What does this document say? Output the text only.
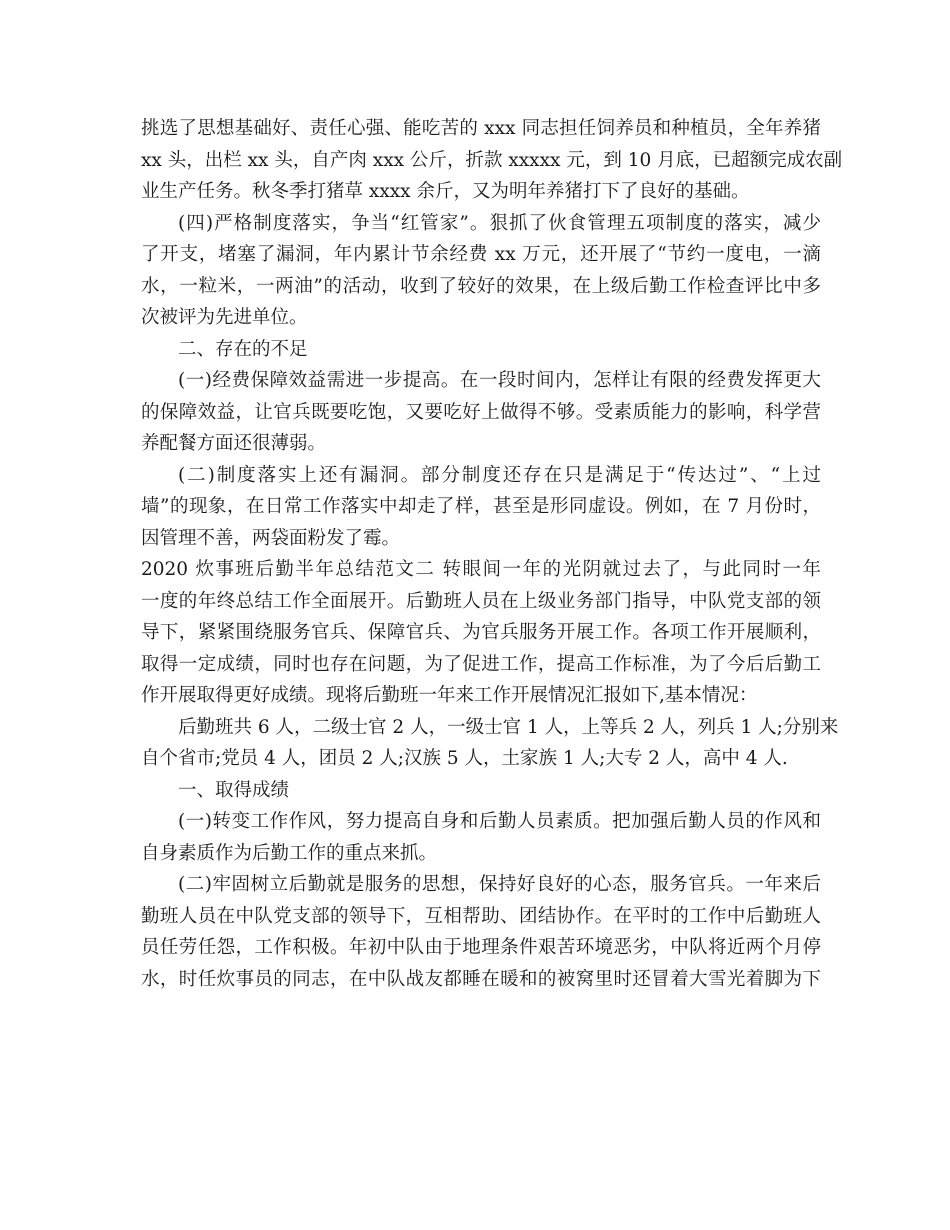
挑选了思想基础好、责任心强、能吃苦的 xxx 同志担任饲养员和种植员，全年养猪
xx 头，出栏 xx 头，自产肉 xxx 公斤，折款 xxxxx 元，到 10 月底，已超额完成农副
业生产任务。秋冬季打猪草 xxxx 余斤，又为明年养猪打下了良好的基础。
(四)严格制度落实，争当“红管家”。狠抓了伙食管理五项制度的落实，减少
了开支，堵塞了漏洞，年内累计节余经费 xx 万元，还开展了“节约一度电，一滴
水，一粒米，一两油”的活动，收到了较好的效果，在上级后勤工作检查评比中多
次被评为先进单位。
二、存在的不足
(一)经费保障效益需进一步提高。在一段时间内，怎样让有限的经费发挥更大
的保障效益，让官兵既要吃饱，又要吃好上做得不够。受素质能力的影响，科学营
养配餐方面还很薄弱。
(二)制度落实上还有漏洞。部分制度还存在只是满足于“传达过”、“上过
墙”的现象，在日常工作落实中却走了样，甚至是形同虚设。例如，在 7 月份时，
因管理不善，两袋面粉发了霉。
2020 炊事班后勤半年总结范文二 转眼间一年的光阴就过去了，与此同时一年
一度的年终总结工作全面展开。后勤班人员在上级业务部门指导，中队党支部的领
导下，紧紧围绕服务官兵、保障官兵、为官兵服务开展工作。各项工作开展顺利，
取得一定成绩，同时也存在问题，为了促进工作，提高工作标准，为了今后后勤工
作开展取得更好成绩。现将后勤班一年来工作开展情况汇报如下,基本情况：
后勤班共 6 人，二级士官 2 人，一级士官 1 人，上等兵 2 人，列兵 1 人;分别来
自个省市;党员 4 人，团员 2 人;汉族 5 人，土家族 1 人;大专 2 人，高中 4 人.
一、取得成绩
(一)转变工作作风，努力提高自身和后勤人员素质。把加强后勤人员的作风和
自身素质作为后勤工作的重点来抓。
(二)牢固树立后勤就是服务的思想，保持好良好的心态，服务官兵。一年来后
勤班人员在中队党支部的领导下，互相帮助、团结协作。在平时的工作中后勤班人
员任劳任怨，工作积极。年初中队由于地理条件艰苦环境恶劣，中队将近两个月停
水，时任炊事员的同志，在中队战友都睡在暖和的被窝里时还冒着大雪光着脚为下
